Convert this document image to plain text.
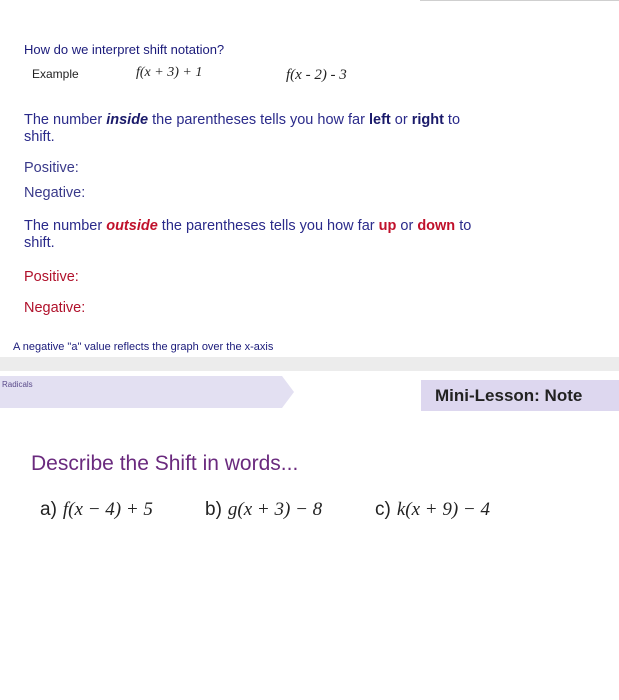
How do we interpret shift notation?
Example	f(x + 3) + 1	f(x - 2) - 3
The number inside the parentheses tells you how far left or right to shift.
Positive:
Negative:
The number outside the parentheses tells you how far up or down to shift.
Positive:
Negative:
A negative "a" value reflects the graph over the x-axis
Radicals
Mini-Lesson: Note
Describe the Shift in words...
a) f(x − 4) + 5	b) g(x + 3) − 8	c) k(x + 9) − 4
